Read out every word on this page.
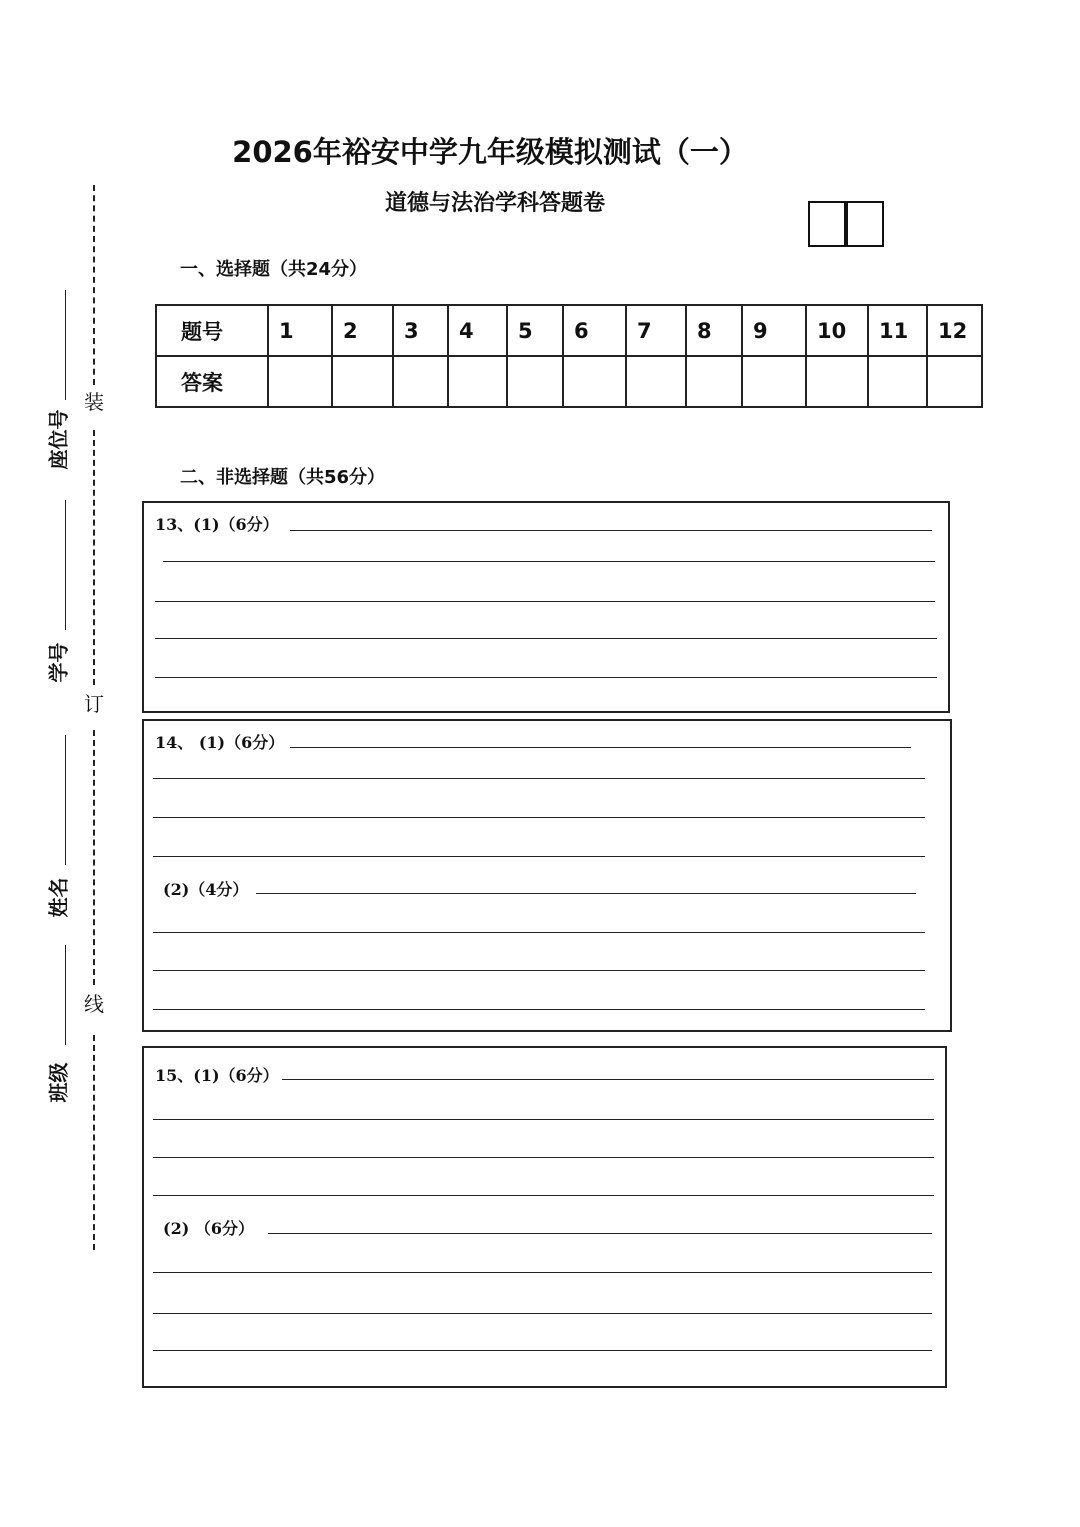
2026年裕安中学九年级模拟测试（一）
道德与法治学科答题卷
座位号
学号
姓名
班级
装
订
线
一、选择题（共24分）
题号	1	2	3	4	5	6	7	8	9	10	11	12
答案												
二、非选择题（共56分）
13、(1)（6分）
14、 (1)（6分）
(2)（4分）
15、(1)（6分）
(2) （6分）
